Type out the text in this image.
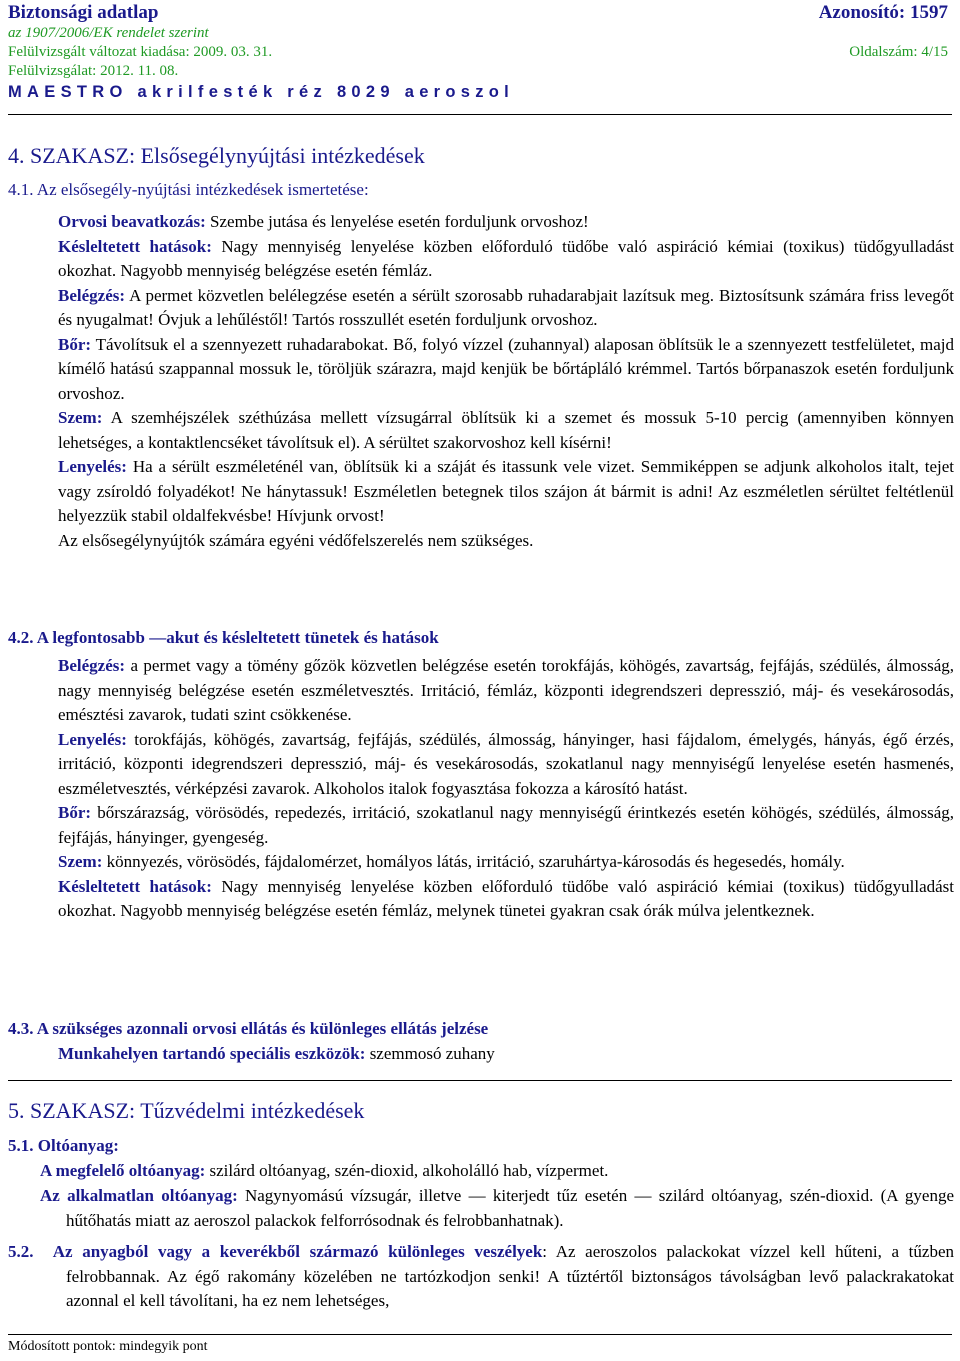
Biztonsági adatlap	Azonosító: 1597
az 1907/2006/EK rendelet szerint
Felülvizsgált változat kiadása: 2009. 03. 31.	Oldalszám: 4/15
Felülvizsgálat: 2012. 11. 08.
MAESTRO akrilfesték réz 8029 aeroszol
4. SZAKASZ: Elsősegélynyújtási intézkedések
4.1. Az elsősegély-nyújtási intézkedések ismertetése:
Orvosi beavatkozás: Szembe jutása és lenyelése esetén forduljunk orvoshoz!
Késleltetett hatások: Nagy mennyiség lenyelése közben előforduló tüdőbe való aspiráció kémiai (toxikus) tüdőgyulladást okozhat. Nagyobb mennyiség belégzése esetén fémláz.
Belégzés: A permet közvetlen belélegzése esetén a sérült szorosabb ruhadarabjait lazítsuk meg. Biztosítsunk számára friss levegőt és nyugalmat! Óvjuk a lehűléstől! Tartós rosszullét esetén forduljunk orvoshoz.
Bőr: Távolítsuk el a szennyezett ruhadarabokat. Bő, folyó vízzel (zuhannyal) alaposan öblítsük le a szennyezett testfelületet, majd kímélő hatású szappannal mossuk le, töröljük szárazra, majd kenjük be bőrtápláló krémmel. Tartós bőrpanaszok esetén forduljunk orvoshoz.
Szem: A szemhéjszélek széthúzása mellett vízsugárral öblítsük ki a szemet és mossuk 5-10 percig (amennyiben könnyen lehetséges, a kontaktlencséket távolítsuk el). A sérültet szakorvoshoz kell kísérni!
Lenyelés: Ha a sérült eszméleténél van, öblítsük ki a száját és itassunk vele vizet. Semmiképpen se adjunk alkoholos italt, tejet vagy zsíroldó folyadékot! Ne hánytassuk! Eszméletlen betegnek tilos szájon át bármit is adni! Az eszméletlen sérültet feltétlenül helyezzük stabil oldalfekvésbe! Hívjunk orvost!
Az elsősegélynyújtók számára egyéni védőfelszerelés nem szükséges.
4.2. A legfontosabb —akut és késleltetett tünetek és hatások
Belégzés: a permet vagy a tömény gőzök közvetlen belégzése esetén torokfájás, köhögés, zavartság, fejfájás, szédülés, álmosság, nagy mennyiség belégzése esetén eszméletvesztés. Irritáció, fémláz, központi idegrendszeri depresszió, máj- és vesekárosodás, emésztési zavarok, tudati szint csökkenése.
Lenyelés: torokfájás, köhögés, zavartság, fejfájás, szédülés, álmosság, hányinger, hasi fájdalom, émelygés, hányás, égő érzés, irritáció, központi idegrendszeri depresszió, máj- és vesekárosodás, szokatlanul nagy mennyiségű lenyelése esetén hasmenés, eszméletvesztés, vérképzési zavarok. Alkoholos italok fogyasztása fokozza a károsító hatást.
Bőr: bőrszárazság, vörösödés, repedezés, irritáció, szokatlanul nagy mennyiségű érintkezés esetén köhögés, szédülés, álmosság, fejfájás, hányinger, gyengeség.
Szem: könnyezés, vörösödés, fájdalomérzet, homályos látás, irritáció, szaruhártya-károsodás és hegesedés, homály.
Késleltetett hatások: Nagy mennyiség lenyelése közben előforduló tüdőbe való aspiráció kémiai (toxikus) tüdőgyulladást okozhat. Nagyobb mennyiség belégzése esetén fémláz, melynek tünetei gyakran csak órák múlva jelentkeznek.
4.3. A szükséges azonnali orvosi ellátás és különleges ellátás jelzése
Munkahelyen tartandó speciális eszközök: szemmosó zuhany
5. SZAKASZ: Tűzvédelmi intézkedések
5.1. Oltóanyag:
A megfelelő oltóanyag: szilárd oltóanyag, szén-dioxid, alkoholálló hab, vízpermet.
Az alkalmatlan oltóanyag: Nagynyomású vízsugár, illetve — kiterjedt tűz esetén — szilárd oltóanyag, szén-dioxid. (A gyenge hűtőhatás miatt az aeroszol palackok felforrósodnak és felrobbanhatnak).
5.2. Az anyagból vagy a keverékből származó különleges veszélyek: Az aeroszolos palackokat vízzel kell hűteni, a tűzben felrobbannak. Az égő rakomány közelében ne tartózkodjon senki! A tűztértől biztonságos távolságban levő palackrakatokat azonnal el kell távolítani, ha ez nem lehetséges,
Módosított pontok: mindegyik pont
